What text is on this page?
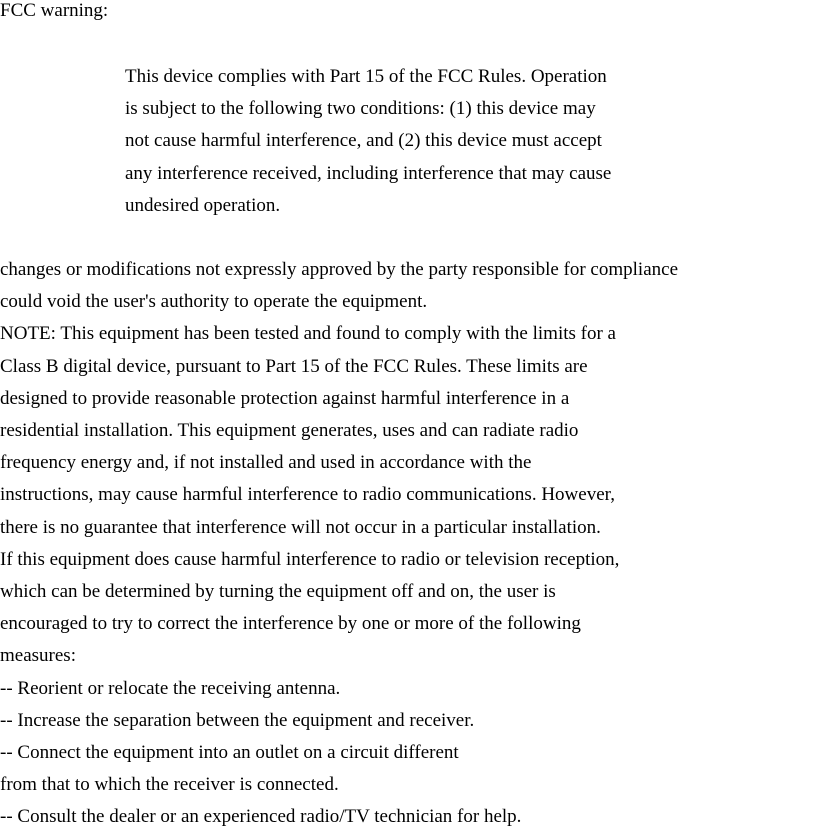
FCC warning:
This device complies with Part 15 of the FCC Rules. Operation
is subject to the following two conditions: (1) this device may
not cause harmful interference, and (2) this device must accept
any interference received, including interference that may cause
undesired operation.
changes or modifications not expressly approved by the party responsible for compliance
could void the user's authority to operate the equipment.
NOTE: This equipment has been tested and found to comply with the limits for a
Class B digital device, pursuant to Part 15 of the FCC Rules. These limits are
designed to provide reasonable protection against harmful interference in a
residential installation. This equipment generates, uses and can radiate radio
frequency energy and, if not installed and used in accordance with the
instructions, may cause harmful interference to radio communications. However,
there is no guarantee that interference will not occur in a particular installation.
If this equipment does cause harmful interference to radio or television reception,
which can be determined by turning the equipment off and on, the user is
encouraged to try to correct the interference by one or more of the following
measures:
-- Reorient or relocate the receiving antenna.
-- Increase the separation between the equipment and receiver.
-- Connect the equipment into an outlet on a circuit different
from that to which the receiver is connected.
-- Consult the dealer or an experienced radio/TV technician for help.
